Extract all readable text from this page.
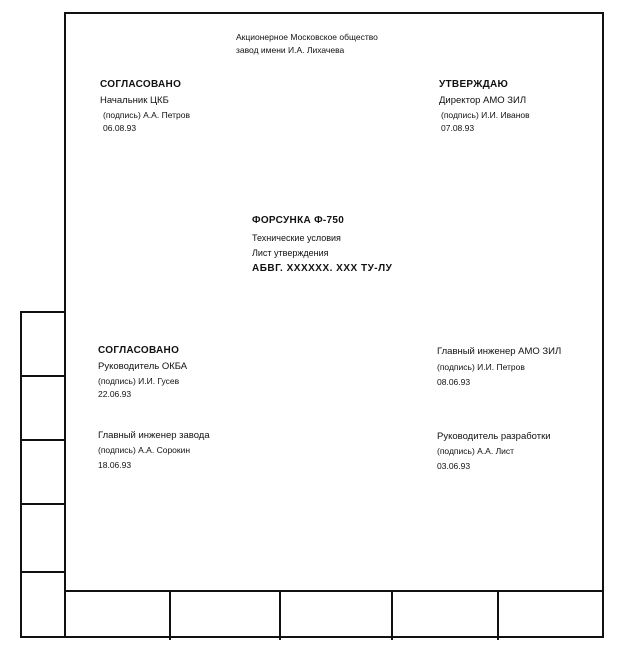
Акционерное Московское общество
завод имени И.А. Лихачева
СОГЛАСОВАНО
Начальник ЦКБ
(подпись) А.А. Петров
06.08.93
УТВЕРЖДАЮ
Директор АМО ЗИЛ
(подпись) И.И. Иванов
07.08.93
ФОРСУНКА Ф-750
Технические условия
Лист утверждения
АБВГ. ХХХХХХ. ХХХ ТУ-ЛУ
СОГЛАСОВАНО
Руководитель ОКБА
(подпись) И.И. Гусев
22.06.93
Главный инженер АМО ЗИЛ
(подпись) И.И. Петров
08.06.93
Главный инженер завода
(подпись) А.А. Сорокин
18.06.93
Руководитель разработки
(подпись) А.А. Лист
03.06.93
